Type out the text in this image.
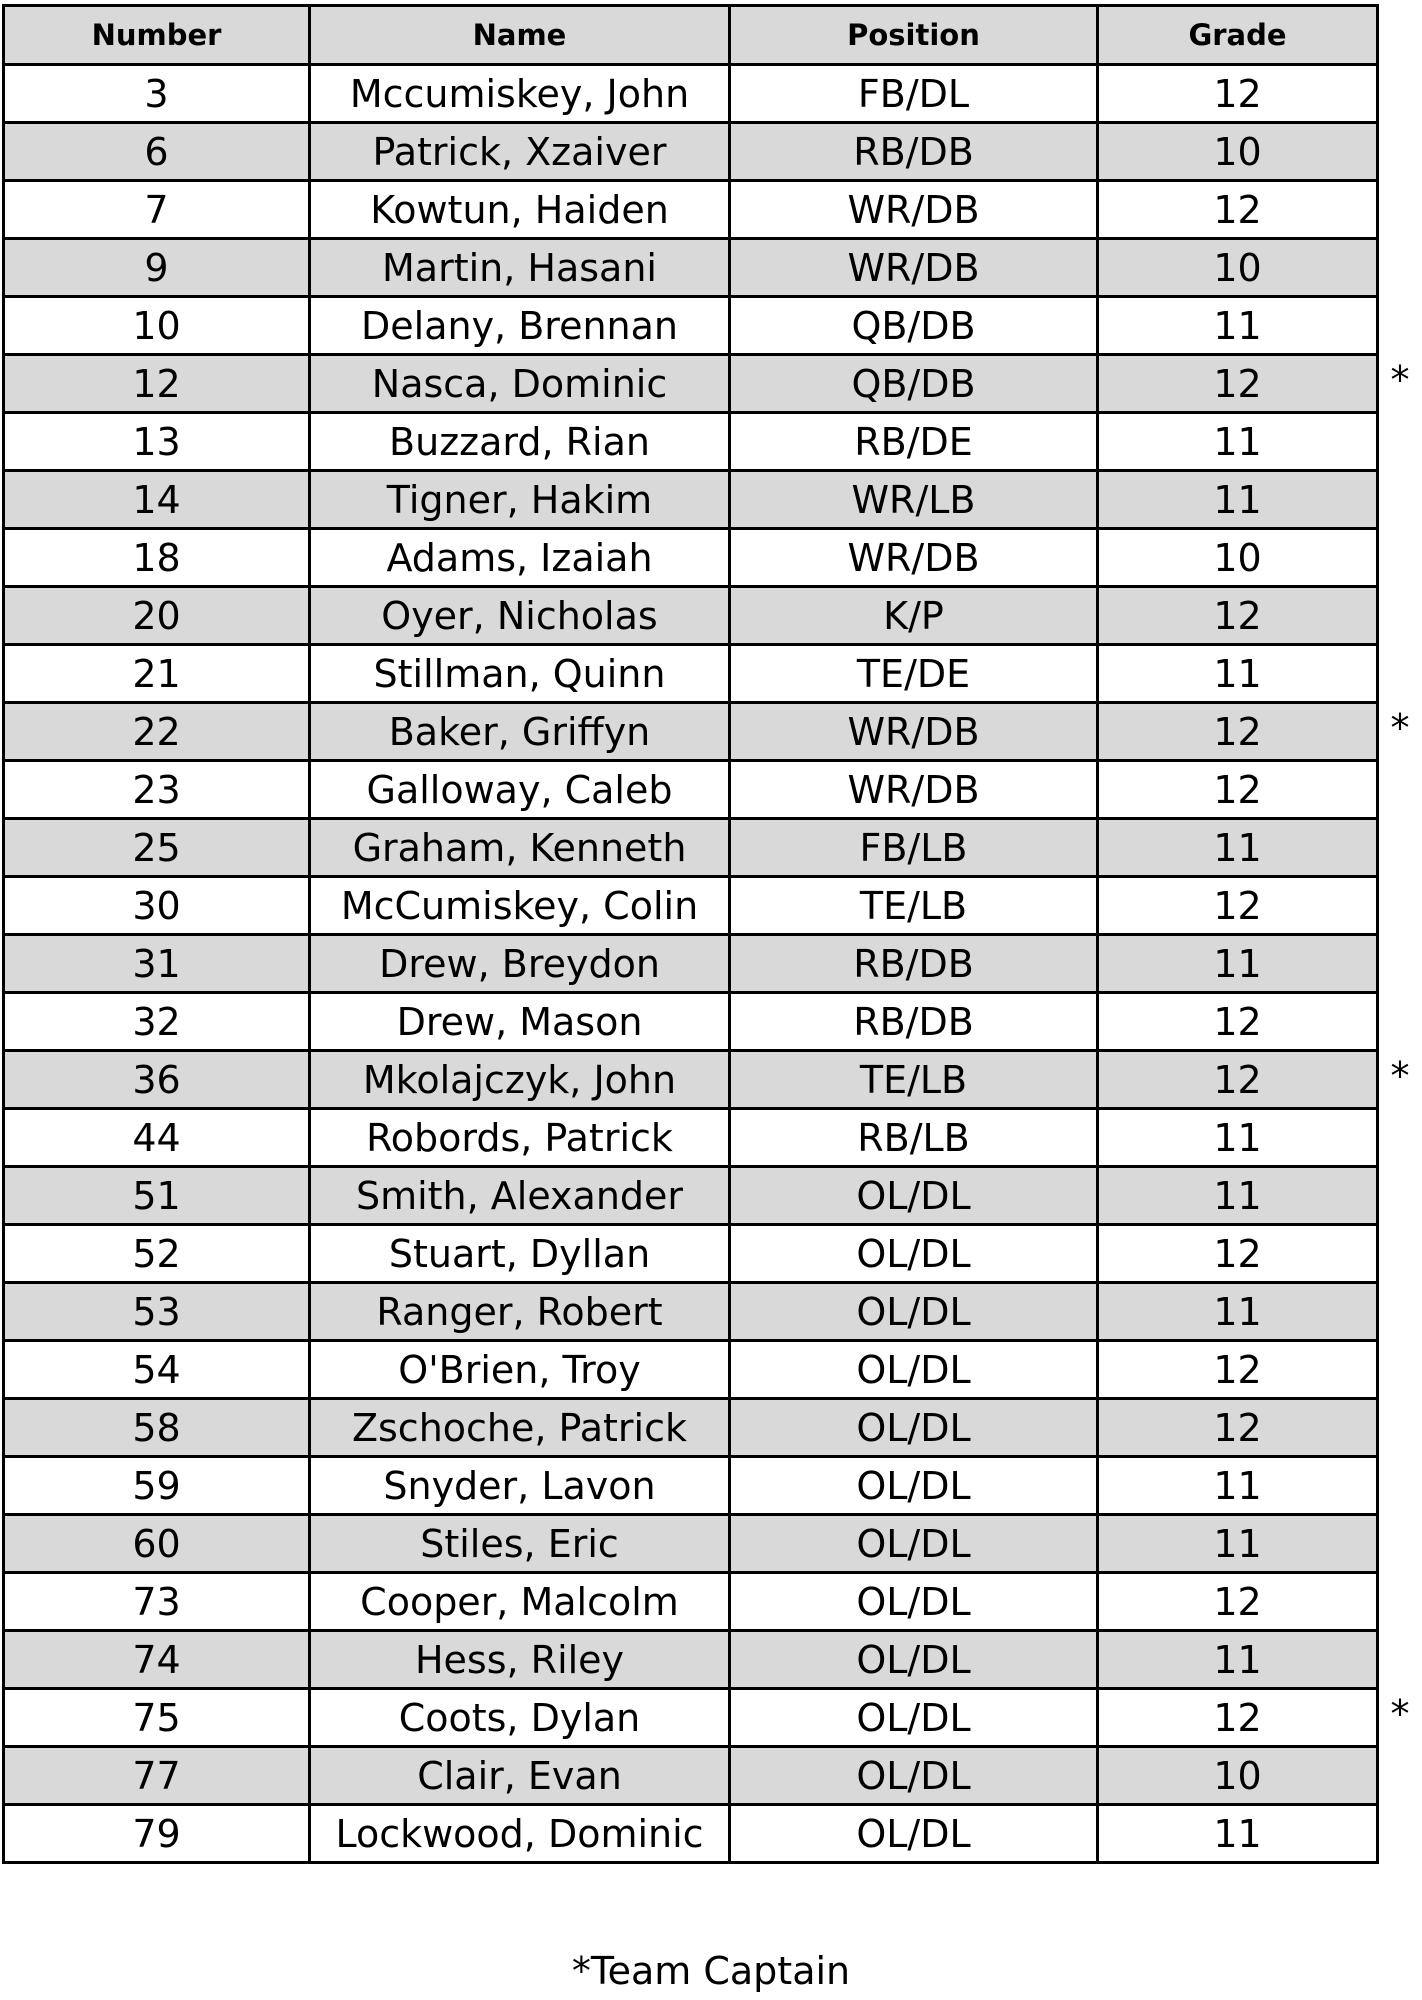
Number	Name	Position	Grade
3	Mccumiskey, John	FB/DL	12
6	Patrick, Xzaiver	RB/DB	10
7	Kowtun, Haiden	WR/DB	12
9	Martin, Hasani	WR/DB	10
10	Delany, Brennan	QB/DB	11
12	Nasca, Dominic	QB/DB	12
13	Buzzard, Rian	RB/DE	11
14	Tigner, Hakim	WR/LB	11
18	Adams, Izaiah	WR/DB	10
20	Oyer, Nicholas	K/P	12
21	Stillman, Quinn	TE/DE	11
22	Baker, Griffyn	WR/DB	12
23	Galloway, Caleb	WR/DB	12
25	Graham, Kenneth	FB/LB	11
30	McCumiskey, Colin	TE/LB	12
31	Drew, Breydon	RB/DB	11
32	Drew, Mason	RB/DB	12
36	Mkolajczyk, John	TE/LB	12
44	Robords, Patrick	RB/LB	11
51	Smith, Alexander	OL/DL	11
52	Stuart, Dyllan	OL/DL	12
53	Ranger, Robert	OL/DL	11
54	O'Brien, Troy	OL/DL	12
58	Zschoche, Patrick	OL/DL	12
59	Snyder, Lavon	OL/DL	11
60	Stiles, Eric	OL/DL	11
73	Cooper, Malcolm	OL/DL	12
74	Hess, Riley	OL/DL	11
75	Coots, Dylan	OL/DL	12
77	Clair, Evan	OL/DL	10
79	Lockwood, Dominic	OL/DL	11
*
*
*
*
*Team Captain
